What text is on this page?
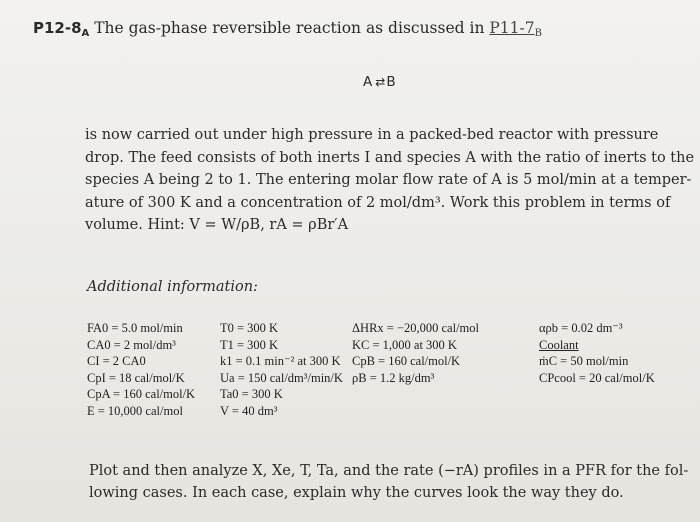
$P12-8_A$ The gas-phase reversible reaction as discussed in $P11-7_B$
A ⇄ B
is now carried out under high pressure in a packed-bed reactor with pressure
drop. The feed consists of both inerts I and species A with the ratio of inerts to the
species A being 2 to 1. The entering molar flow rate of A is 5 mol/min at a temper-
ature of 300 K and a concentration of 2 mol/dm³. Work this problem in terms of
volume. Hint: V = W/ρB, rA = ρBr′A
Additional information:
FA0 = 5.0 mol/min
CA0 = 2 mol/dm³
CI = 2 CA0
CpI = 18 cal/mol/K
CpA = 160 cal/mol/K
E = 10,000 cal/mol
T0 = 300 K
T1 = 300 K
k1 = 0.1 min⁻² at 300 K
Ua = 150 cal/dm³/min/K
Ta0 = 300 K
V = 40 dm³
ΔHRx = −20,000 cal/mol
KC = 1,000 at 300 K
CpB = 160 cal/mol/K
ρB = 1.2 kg/dm³
αρb = 0.02 dm⁻³
Coolant
ṁC = 50 mol/min
CPcool = 20 cal/mol/K
Plot and then analyze X, Xe, T, Ta, and the rate (−rA) profiles in a PFR for the fol-
lowing cases. In each case, explain why the curves look the way they do.
